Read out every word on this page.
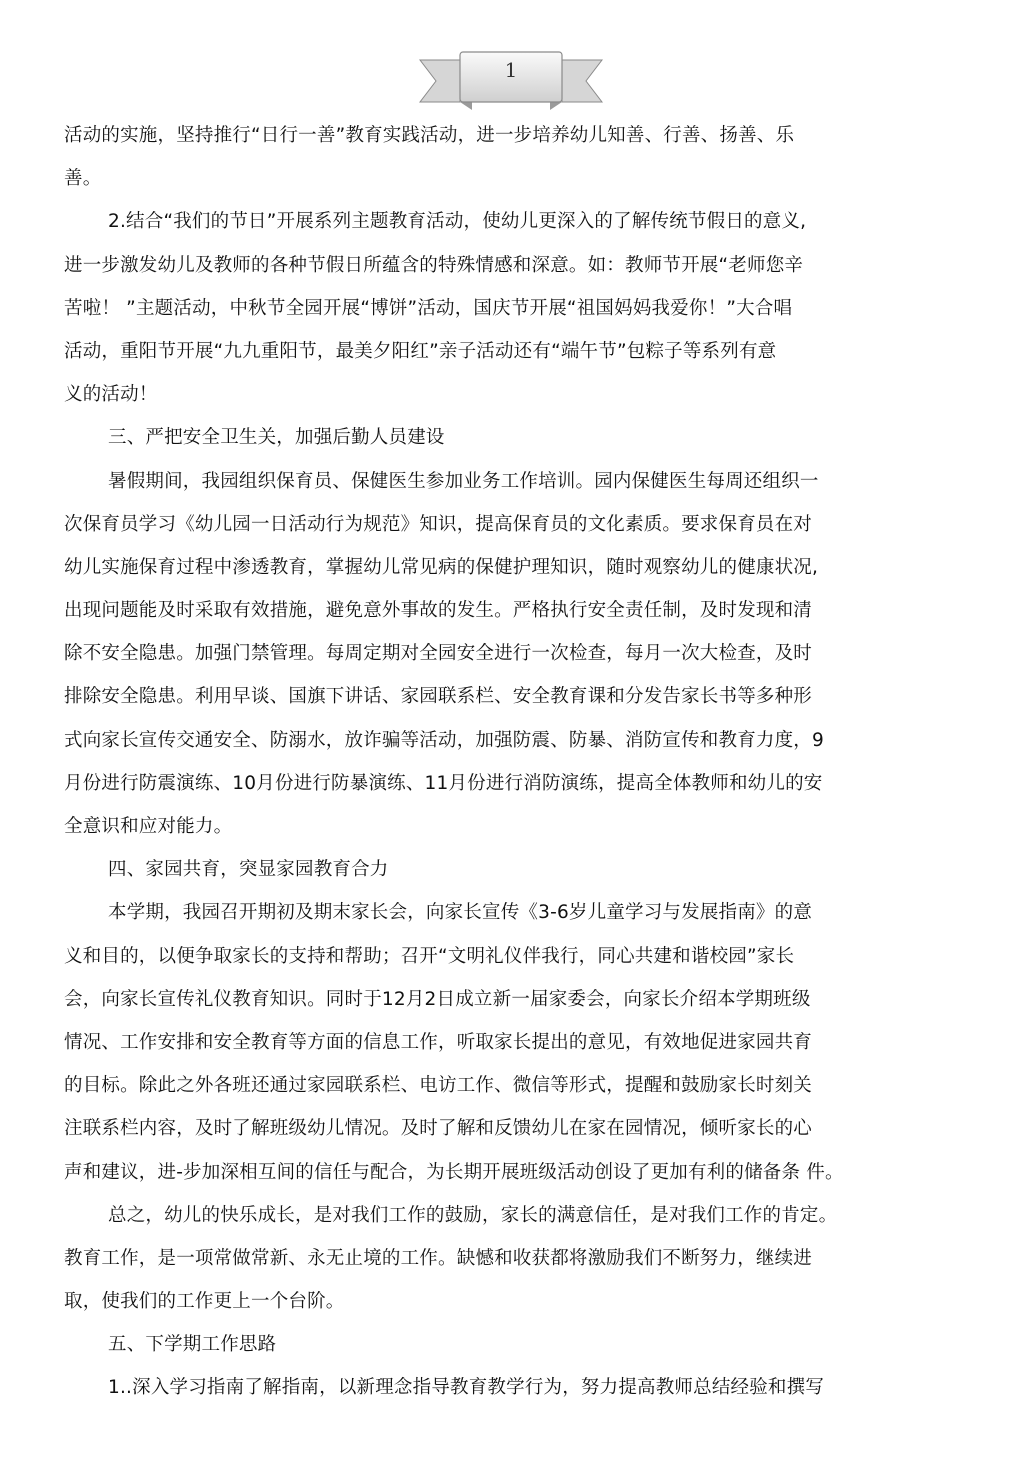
1
活动的实施，坚持推行“日行一善”教育实践活动，进一步培养幼儿知善、行善、扬善、乐
善。
2.结合“我们的节日”开展系列主题教育活动，使幼儿更深入的了解传统节假日的意义,
进一步激发幼儿及教师的各种节假日所蕴含的特殊情感和深意。如：教师节开展“老师您辛
苦啦！ ”主题活动，中秋节全园开展“博饼”活动，国庆节开展“祖国妈妈我爱你！”大合唱
活动，重阳节开展“九九重阳节，最美夕阳红”亲子活动还有“端午节”包粽子等系列有意
义的活动！
三、严把安全卫生关，加强后勤人员建设
暑假期间，我园组织保育员、保健医生参加业务工作培训。园内保健医生每周还组织一
次保育员学习《幼儿园一日活动行为规范》知识，提高保育员的文化素质。要求保育员在对
幼儿实施保育过程中渗透教育，掌握幼儿常见病的保健护理知识，随时观察幼儿的健康状况,
出现问题能及时采取有效措施，避免意外事故的发生。严格执行安全责任制，及时发现和清
除不安全隐患。加强门禁管理。每周定期对全园安全进行一次检查，每月一次大检查，及时
排除安全隐患。利用早谈、国旗下讲话、家园联系栏、安全教育课和分发告家长书等多种形
式向家长宣传交通安全、防溺水，放诈骗等活动，加强防震、防暴、消防宣传和教育力度，9
月份进行防震演练、10月份进行防暴演练、11月份进行消防演练，提高全体教师和幼儿的安
全意识和应对能力。
四、家园共育，突显家园教育合力
本学期，我园召开期初及期末家长会，向家长宣传《3-6岁儿童学习与发展指南》的意
义和目的，以便争取家长的支持和帮助；召开“文明礼仪伴我行，同心共建和谐校园”家长
会，向家长宣传礼仪教育知识。同时于12月2日成立新一届家委会，向家长介绍本学期班级
情况、工作安排和安全教育等方面的信息工作，听取家长提出的意见，有效地促进家园共育
的目标。除此之外各班还通过家园联系栏、电访工作、微信等形式，提醒和鼓励家长时刻关
注联系栏内容，及时了解班级幼儿情况。及时了解和反馈幼儿在家在园情况，倾听家长的心
声和建议，进-步加深相互间的信任与配合，为长期开展班级活动创设了更加有利的储备条 件。
总之，幼儿的快乐成长，是对我们工作的鼓励，家长的满意信任，是对我们工作的肯定。
教育工作，是一项常做常新、永无止境的工作。缺憾和收获都将激励我们不断努力，继续进
取，使我们的工作更上一个台阶。
五、下学期工作思路
1..深入学习指南了解指南，以新理念指导教育教学行为，努力提高教师总结经验和撰写
